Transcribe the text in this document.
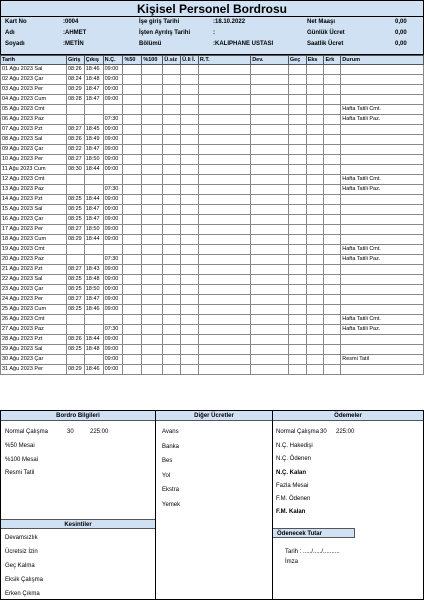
Kişisel Personel Bordrosu
Kart No	:0004
Adı	:AHMET
Soyadı	:METİN
İşe giriş Tarihi	:18.10.2022
İşten Ayrılış Tarihi	:
Bölümü	:KALIPHANE USTASI
Net Maaşı	0,00
Günlük Ücret	0,00
Saatlik Ücret	0,00
Tarih	Giriş	Çıkış	N.Ç.	%50	%100	Ü.siz	Ü.li İ.	R.T.	Dev.	Geç	Eks	Erk	Durum
01 Ağu 2023 Sal	08:26	18:46	09:00										
02 Ağu 2023 Çar	08:24	18:48	09:00										
03 Ağu 2023 Per	08:29	18:47	09:00										
04 Ağu 2023 Cum	08:28	18:47	09:00										
05 Ağu 2023 Cmt													Hafta Tatili Cmt.
06 Ağu 2023 Paz			07:30										Hafta Tatili Paz.
07 Ağu 2023 Pzt	08:27	18:45	09:00										
08 Ağu 2023 Sal	08:26	18:49	09:00										
09 Ağu 2023 Çar	08:22	18:47	09:00										
10 Ağu 2023 Per	08:27	18:50	09:00										
11 Ağu 2023 Cum	08:30	18:44	09:00										
12 Ağu 2023 Cmt													Hafta Tatili Cmt.
13 Ağu 2023 Paz			07:30										Hafta Tatili Paz.
14 Ağu 2023 Pzt	08:25	18:44	09:00										
15 Ağu 2023 Sal	08:25	18:47	09:00										
16 Ağu 2023 Çar	08:25	18:47	09:00										
17 Ağu 2023 Per	08:27	18:50	09:00										
18 Ağu 2023 Cum	08:29	18:44	09:00										
19 Ağu 2023 Cmt													Hafta Tatili Cmt.
20 Ağu 2023 Paz			07:30										Hafta Tatili Paz.
21 Ağu 2023 Pzt	08:27	18:43	09:00										
22 Ağu 2023 Sal	08:25	18:48	09:00										
23 Ağu 2023 Çar	08:25	18:50	09:00										
24 Ağu 2023 Per	08:27	18:47	09:00										
25 Ağu 2023 Cum	08:25	18:46	09:00										
26 Ağu 2023 Cmt													Hafta Tatili Cmt.
27 Ağu 2023 Paz			07:30										Hafta Tatili Paz.
28 Ağu 2023 Pzt	08:26	18:44	09:00										
29 Ağu 2023 Sal	08:25	18:48	09:00										
30 Ağu 2023 Çar			09:00										Resmi Tatil
31 Ağu 2023 Per	08:29	18:46	09:00										
Bordro Bilgileri
Normal Çalışma	30	225:00
%50 Mesai
%100 Mesai
Resmi Tatil
Kesintiler
Devamsızlık
Ücretsiz İzin
Geç Kalma
Eksik Çalışma
Erken Çıkma
Diğer Ücretler
Avans
Banka
Bes
Yol
Ekstra
Yemek
Ödemeler
Normal Çalışma 30 225:00
N.Ç. Hakedişi
N.Ç. Ödenen
N.Ç. Kalan
Fazla Mesai
F.M. Ödenen
F.M. Kalan
Ödenecek Tutar
Tarih : ...../...../..........
İmza
